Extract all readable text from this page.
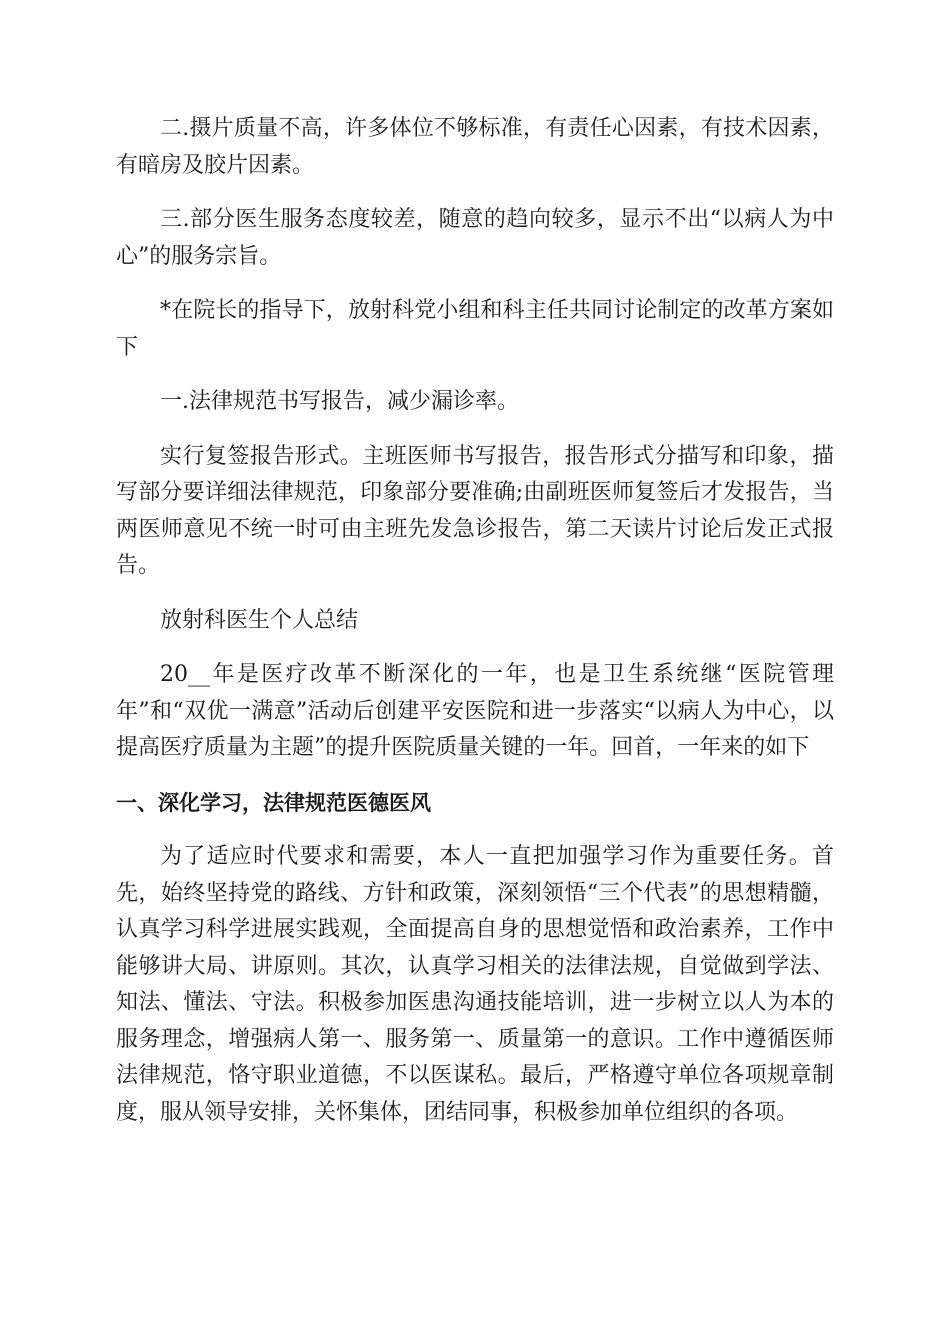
二.摄片质量不高，许多体位不够标准，有责任心因素，有技术因素，有暗房及胶片因素。

三.部分医生服务态度较差，随意的趋向较多，显示不出“以病人为中心”的服务宗旨。

*在院长的指导下，放射科党小组和科主任共同讨论制定的改革方案如下

一.法律规范书写报告，减少漏诊率。

实行复签报告形式。主班医师书写报告，报告形式分描写和印象，描写部分要详细法律规范，印象部分要准确;由副班医师复签后才发报告，当两医师意见不统一时可由主班先发急诊报告，第二天读片讨论后发正式报告。

放射科医生个人总结

20__年是医疗改革不断深化的一年，也是卫生系统继“医院管理年”和“双优一满意”活动后创建平安医院和进一步落实“以病人为中心，以提高医疗质量为主题”的提升医院质量关键的一年。回首，一年来的如下

一、深化学习，法律规范医德医风

为了适应时代要求和需要，本人一直把加强学习作为重要任务。首先，始终坚持党的路线、方针和政策，深刻领悟“三个代表”的思想精髓，认真学习科学进展实践观，全面提高自身的思想觉悟和政治素养，工作中能够讲大局、讲原则。其次，认真学习相关的法律法规，自觉做到学法、知法、懂法、守法。积极参加医患沟通技能培训，进一步树立以人为本的服务理念，增强病人第一、服务第一、质量第一的意识。工作中遵循医师法律规范，恪守职业道德，不以医谋私。最后，严格遵守单位各项规章制度，服从领导安排，关怀集体，团结同事，积极参加单位组织的各项。
